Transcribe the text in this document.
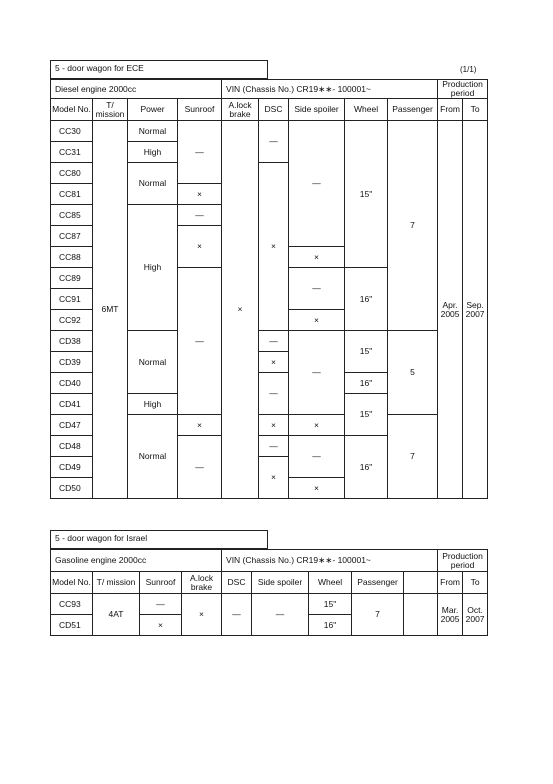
5 - door wagon for ECE	(1/1)
Diesel engine 2000cc				VIN (Chassis No.) CR19∗∗- 100001~					Production period	
Model No.	T/ mission	Power	Sunroof	A.lock brake	DSC	Side spoiler	Wheel	Passenger	From	To
CC30	6MT	Normal	—	×	—	—	15"	7	Apr. 2005	Sep. 2007
CC31		High								
CC80		Normal			×					
CC81			×							
CC85		High	—							
CC87			×							
CC88						×				
CC89			—			—	16"			
CC91										
CC92						×				
CD38		Normal			—	—	15"	5		
CD39					×					
CD40					—		16"			
CD41		High					15"			
CD47		Normal	×		×	×		7		
CD48			—		—	—	16"			
CD49					×					
CD50						×				
5 - door wagon for Israel
Gasoline engine 2000cc				VIN (Chassis No.) CR19∗∗- 100001~					Production period	
Model No.	T/ mission	Sunroof	A.lock brake	DSC	Side spoiler	Wheel	Passenger		From	To
CC93	4AT	—	×	—	—	15"	7		Mar. 2005	Oct. 2007
CD51		×				16"				
